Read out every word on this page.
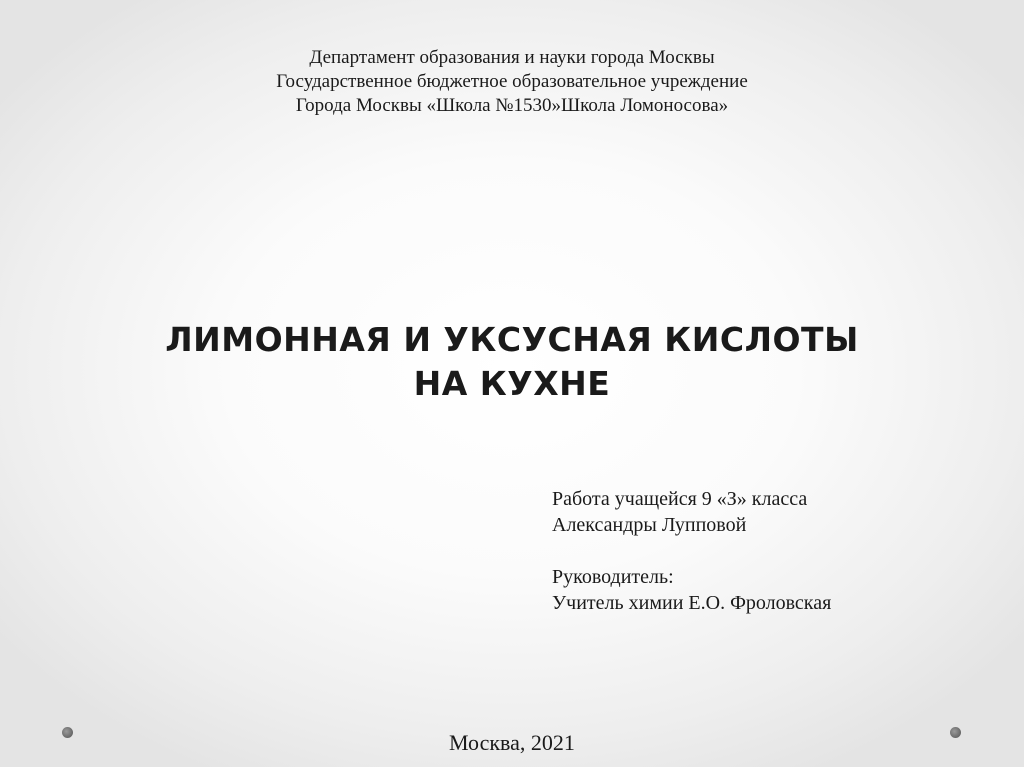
Департамент образования и науки города Москвы
Государственное бюджетное образовательное учреждение
Города Москвы «Школа №1530»Школа Ломоносова»
ЛИМОННАЯ И УКСУСНАЯ КИСЛОТЫ
НА КУХНЕ
Работа учащейся 9 «З» класса
Александры Лупповой
Руководитель:
Учитель химии Е.О. Фроловская
Москва, 2021
